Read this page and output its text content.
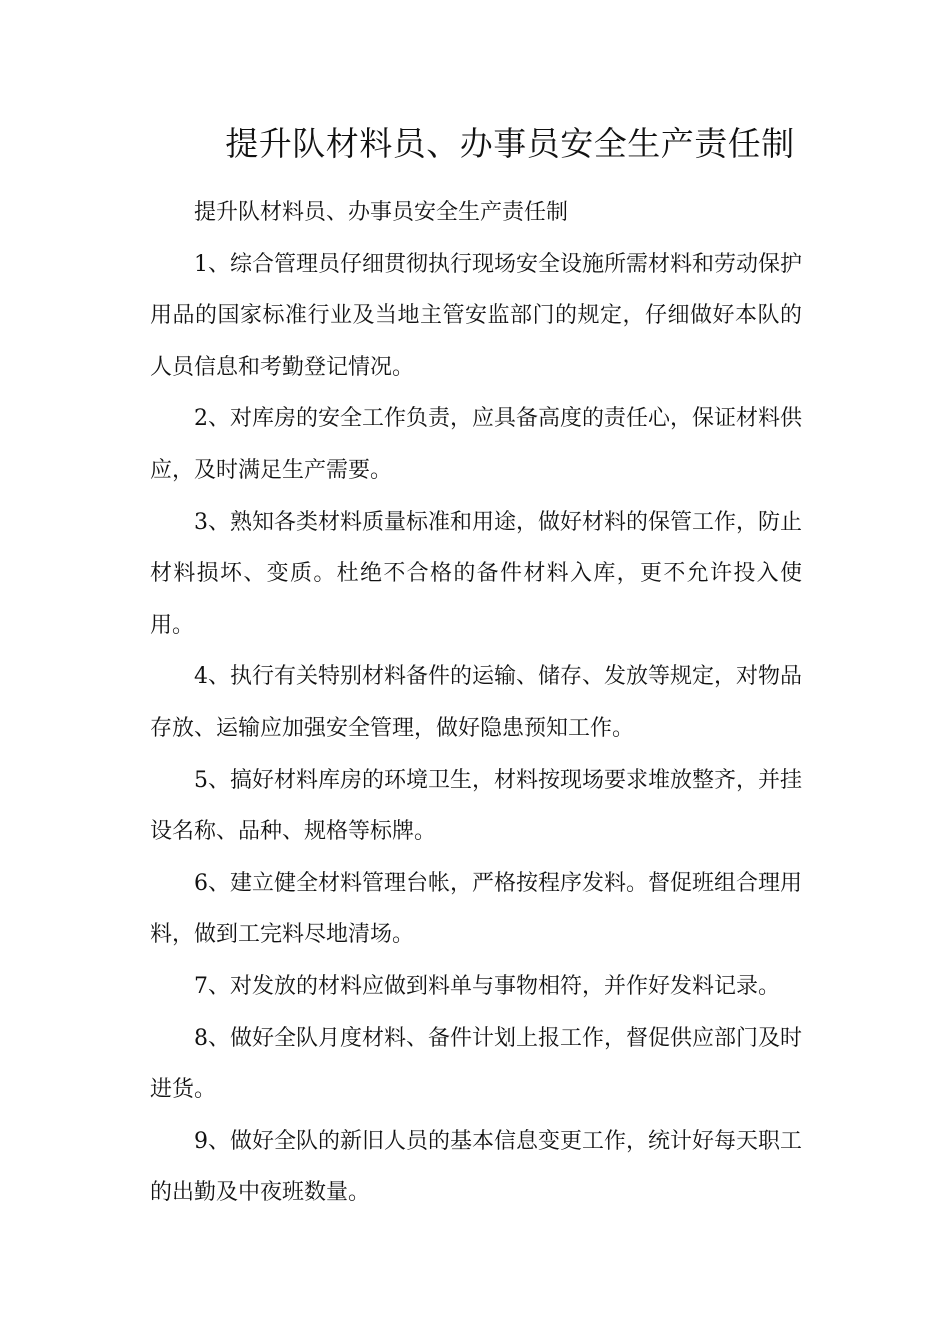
提升队材料员、办事员安全生产责任制

提升队材料员、办事员安全生产责任制

1、综合管理员仔细贯彻执行现场安全设施所需材料和劳动保护用品的国家标准行业及当地主管安监部门的规定，仔细做好本队的人员信息和考勤登记情况。

2、对库房的安全工作负责，应具备高度的责任心，保证材料供应，及时满足生产需要。

3、熟知各类材料质量标准和用途，做好材料的保管工作，防止材料损坏、变质。杜绝不合格的备件材料入库，更不允许投入使用。

4、执行有关特别材料备件的运输、储存、发放等规定，对物品存放、运输应加强安全管理，做好隐患预知工作。

5、搞好材料库房的环境卫生，材料按现场要求堆放整齐，并挂设名称、品种、规格等标牌。

6、建立健全材料管理台帐，严格按程序发料。督促班组合理用料，做到工完料尽地清场。

7、对发放的材料应做到料单与事物相符，并作好发料记录。

8、做好全队月度材料、备件计划上报工作，督促供应部门及时进货。

9、做好全队的新旧人员的基本信息变更工作，统计好每天职工的出勤及中夜班数量。
